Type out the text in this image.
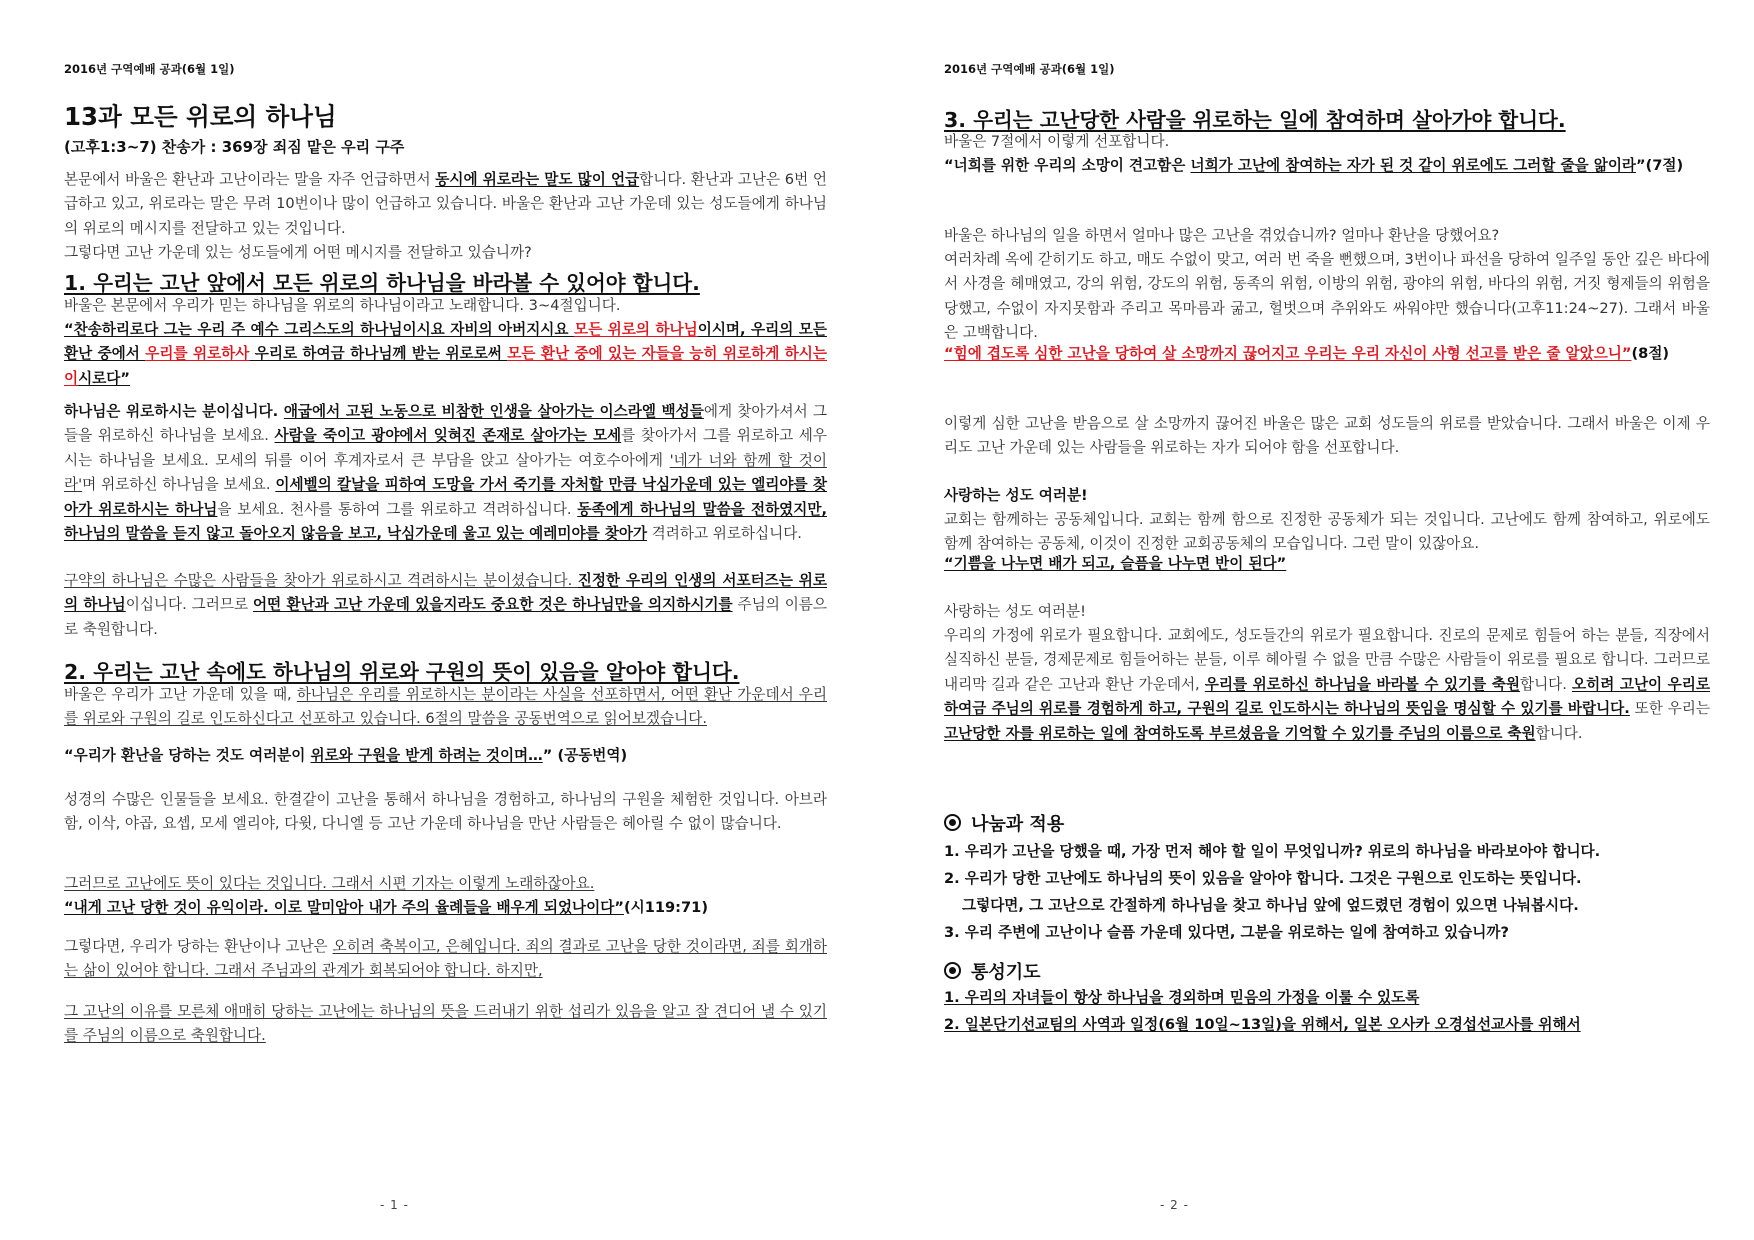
2016년 구역예배 공과(6월 1일)
13과 모든 위로의 하나님
(고후1:3~7) 찬송가 : 369장 죄짐 맡은 우리 구주
본문에서 바울은 환난과 고난이라는 말을 자주 언급하면서 동시에 위로라는 말도 많이 언급합니다. 환난과 고난은 6번 언급하고 있고, 위로라는 말은 무려 10번이나 많이 언급하고 있습니다. 바울은 환난과 고난 가운데 있는 성도들에게 하나님의 위로의 메시지를 전달하고 있는 것입니다.
그렇다면 고난 가운데 있는 성도들에게 어떤 메시지를 전달하고 있습니까?
1. 우리는 고난 앞에서 모든 위로의 하나님을 바라볼 수 있어야 합니다.
바울은 본문에서 우리가 믿는 하나님을 위로의 하나님이라고 노래합니다. 3~4절입니다.
“찬송하리로다 그는 우리 주 예수 그리스도의 하나님이시요 자비의 아버지시요 모든 위로의 하나님이시며, 우리의 모든 환난 중에서 우리를 위로하사 우리로 하여금 하나님께 받는 위로로써 모든 환난 중에 있는 자들을 능히 위로하게 하시는 이시로다”
하나님은 위로하시는 분이십니다. 애굽에서 고된 노동으로 비참한 인생을 살아가는 이스라엘 백성들에게 찾아가셔서 그들을 위로하신 하나님을 보세요. 사람을 죽이고 광야에서 잊혀진 존재로 살아가는 모세를 찾아가서 그를 위로하고 세우시는 하나님을 보세요. 모세의 뒤를 이어 후계자로서 큰 부담을 앉고 살아가는 여호수아에게 '네가 너와 함께 할 것이라'며 위로하신 하나님을 보세요. 이세벨의 칼날을 피하여 도망을 가서 죽기를 자처할 만큼 낙심가운데 있는 엘리야를 찾아가 위로하시는 하나님을 보세요. 천사를 통하여 그를 위로하고 격려하십니다. 동족에게 하나님의 말씀을 전하였지만, 하나님의 말씀을 듣지 않고 돌아오지 않음을 보고, 낙심가운데 울고 있는 예레미야를 찾아가 격려하고 위로하십니다.
구약의 하나님은 수많은 사람들을 찾아가 위로하시고 격려하시는 분이셨습니다. 진정한 우리의 인생의 서포터즈는 위로의 하나님이십니다. 그러므로 어떤 환난과 고난 가운데 있을지라도 중요한 것은 하나님만을 의지하시기를 주님의 이름으로 축원합니다.
2. 우리는 고난 속에도 하나님의 위로와 구원의 뜻이 있음을 알아야 합니다.
바울은 우리가 고난 가운데 있을 때, 하나님은 우리를 위로하시는 분이라는 사실을 선포하면서, 어떤 환난 가운데서 우리를 위로와 구원의 길로 인도하신다고 선포하고 있습니다. 6절의 말씀을 공동번역으로 읽어보겠습니다.
“우리가 환난을 당하는 것도 여러분이 위로와 구원을 받게 하려는 것이며…” (공동번역)
성경의 수많은 인물들을 보세요. 한결같이 고난을 통해서 하나님을 경험하고, 하나님의 구원을 체험한 것입니다. 아브라함, 이삭, 야곱, 요셉, 모세 엘리야, 다윗, 다니엘 등 고난 가운데 하나님을 만난 사람들은 헤아릴 수 없이 많습니다.
그러므로 고난에도 뜻이 있다는 것입니다. 그래서 시편 기자는 이렇게 노래하잖아요.
“내게 고난 당한 것이 유익이라. 이로 말미암아 내가 주의 율례들을 배우게 되었나이다”(시119:71)
그렇다면, 우리가 당하는 환난이나 고난은 오히려 축복이고, 은혜입니다. 죄의 결과로 고난을 당한 것이라면, 죄를 회개하는 삶이 있어야 합니다. 그래서 주님과의 관계가 회복되어야 합니다. 하지만,
그 고난의 이유를 모른체 애매히 당하는 고난에는 하나님의 뜻을 드러내기 위한 섭리가 있음을 알고 잘 견디어 낼 수 있기를 주님의 이름으로 축원합니다.
- 1 -
2016년 구역예배 공과(6월 1일)
3. 우리는 고난당한 사람을 위로하는 일에 참여하며 살아가야 합니다.
바울은 7절에서 이렇게 선포합니다.
“너희를 위한 우리의 소망이 견고함은 너희가 고난에 참여하는 자가 된 것 같이 위로에도 그러할 줄을 앎이라”(7절)
바울은 하나님의 일을 하면서 얼마나 많은 고난을 겪었습니까? 얼마나 환난을 당했어요?
여러차례 옥에 갇히기도 하고, 매도 수없이 맞고, 여러 번 죽을 뻔했으며, 3번이나 파선을 당하여 일주일 동안 깊은 바다에서 사경을 헤매였고, 강의 위험, 강도의 위험, 동족의 위험, 이방의 위험, 광야의 위험, 바다의 위험, 거짓 형제들의 위험을 당했고, 수없이 자지못함과 주리고 목마름과 굶고, 헐벗으며 추위와도 싸워야만 했습니다(고후11:24~27). 그래서 바울은 고백합니다.
“힘에 겹도록 심한 고난을 당하여 살 소망까지 끊어지고 우리는 우리 자신이 사형 선고를 받은 줄 알았으니”(8절)
이렇게 심한 고난을 받음으로 살 소망까지 끊어진 바울은 많은 교회 성도들의 위로를 받았습니다. 그래서 바울은 이제 우리도 고난 가운데 있는 사람들을 위로하는 자가 되어야 함을 선포합니다.
사랑하는 성도 여러분!
교회는 함께하는 공동체입니다. 교회는 함께 함으로 진정한 공동체가 되는 것입니다. 고난에도 함께 참여하고, 위로에도 함께 참여하는 공동체, 이것이 진정한 교회공동체의 모습입니다. 그런 말이 있잖아요.
“기쁨을 나누면 배가 되고, 슬픔을 나누면 반이 된다”
사랑하는 성도 여러분!
우리의 가정에 위로가 필요합니다. 교회에도, 성도들간의 위로가 필요합니다. 진로의 문제로 힘들어 하는 분들, 직장에서 실직하신 분들, 경제문제로 힘들어하는 분들, 이루 헤아릴 수 없을 만큼 수많은 사람들이 위로를 필요로 합니다. 그러므로 내리막 길과 같은 고난과 환난 가운데서, 우리를 위로하신 하나님을 바라볼 수 있기를 축원합니다. 오히려 고난이 우리로 하여금 주님의 위로를 경험하게 하고, 구원의 길로 인도하시는 하나님의 뜻임을 명심할 수 있기를 바랍니다. 또한 우리는 고난당한 자를 위로하는 일에 참여하도록 부르셨음을 기억할 수 있기를 주님의 이름으로 축원합니다.
나눔과 적용
1. 우리가 고난을 당했을 때, 가장 먼저 해야 할 일이 무엇입니까? 위로의 하나님을 바라보아야 합니다.
2. 우리가 당한 고난에도 하나님의 뜻이 있음을 알아야 합니다. 그것은 구원으로 인도하는 뜻입니다.
그렇다면, 그 고난으로 간절하게 하나님을 찾고 하나님 앞에 엎드렸던 경험이 있으면 나눠봅시다.
3. 우리 주변에 고난이나 슬픔 가운데 있다면, 그분을 위로하는 일에 참여하고 있습니까?
통성기도
1. 우리의 자녀들이 항상 하나님을 경외하며 믿음의 가정을 이룰 수 있도록
2. 일본단기선교팀의 사역과 일정(6월 10일~13일)을 위해서, 일본 오사카 오경섭선교사를 위해서
- 2 -
